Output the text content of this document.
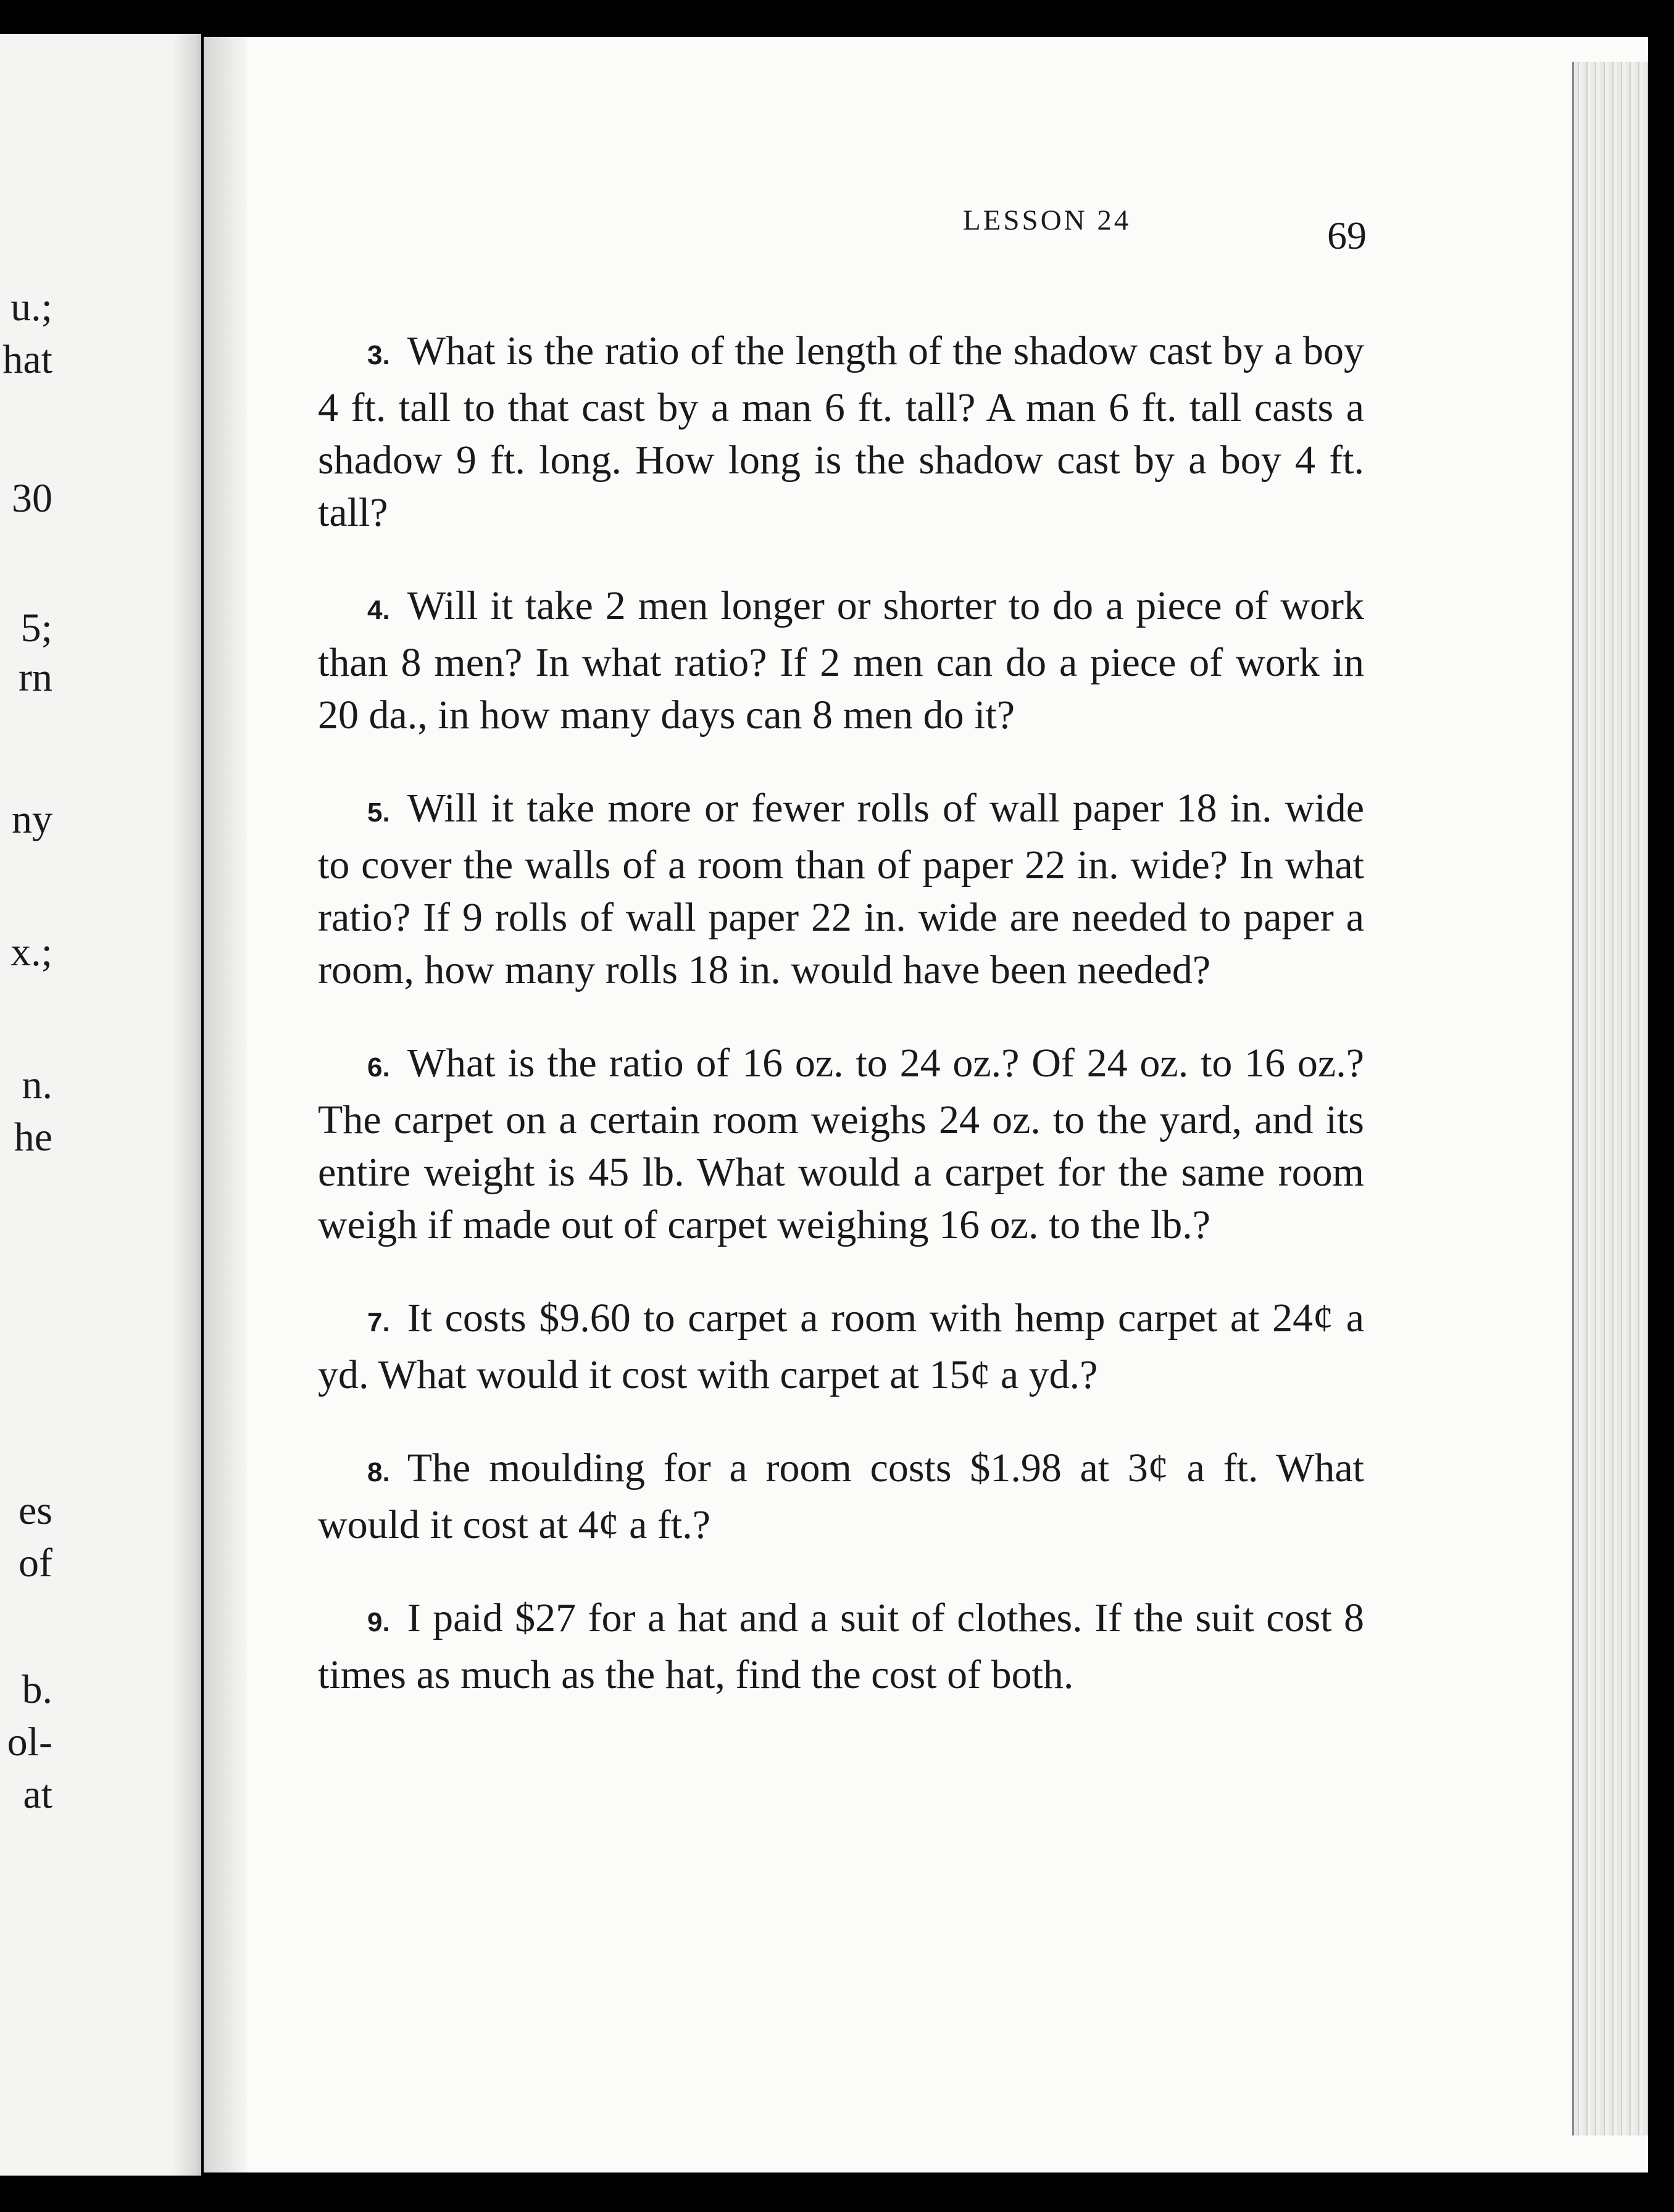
u.;
hat
30
5;
rn
ny
x.;
n.
he
es
of
b.
ol-
at
LESSON 24	69

3. What is the ratio of the length of the shadow cast by a boy 4 ft. tall to that cast by a man 6 ft. tall? A man 6 ft. tall casts a shadow 9 ft. long. How long is the shadow cast by a boy 4 ft. tall?

4. Will it take 2 men longer or shorter to do a piece of work than 8 men? In what ratio? If 2 men can do a piece of work in 20 da., in how many days can 8 men do it?

5. Will it take more or fewer rolls of wall paper 18 in. wide to cover the walls of a room than of paper 22 in. wide? In what ratio? If 9 rolls of wall paper 22 in. wide are needed to paper a room, how many rolls 18 in. would have been needed?

6. What is the ratio of 16 oz. to 24 oz.? Of 24 oz. to 16 oz.? The carpet on a certain room weighs 24 oz. to the yard, and its entire weight is 45 lb. What would a carpet for the same room weigh if made out of carpet weighing 16 oz. to the lb.?

7. It costs $9.60 to carpet a room with hemp carpet at 24¢ a yd. What would it cost with carpet at 15¢ a yd.?

8. The moulding for a room costs $1.98 at 3¢ a ft. What would it cost at 4¢ a ft.?

9. I paid $27 for a hat and a suit of clothes. If the suit cost 8 times as much as the hat, find the cost of both.
